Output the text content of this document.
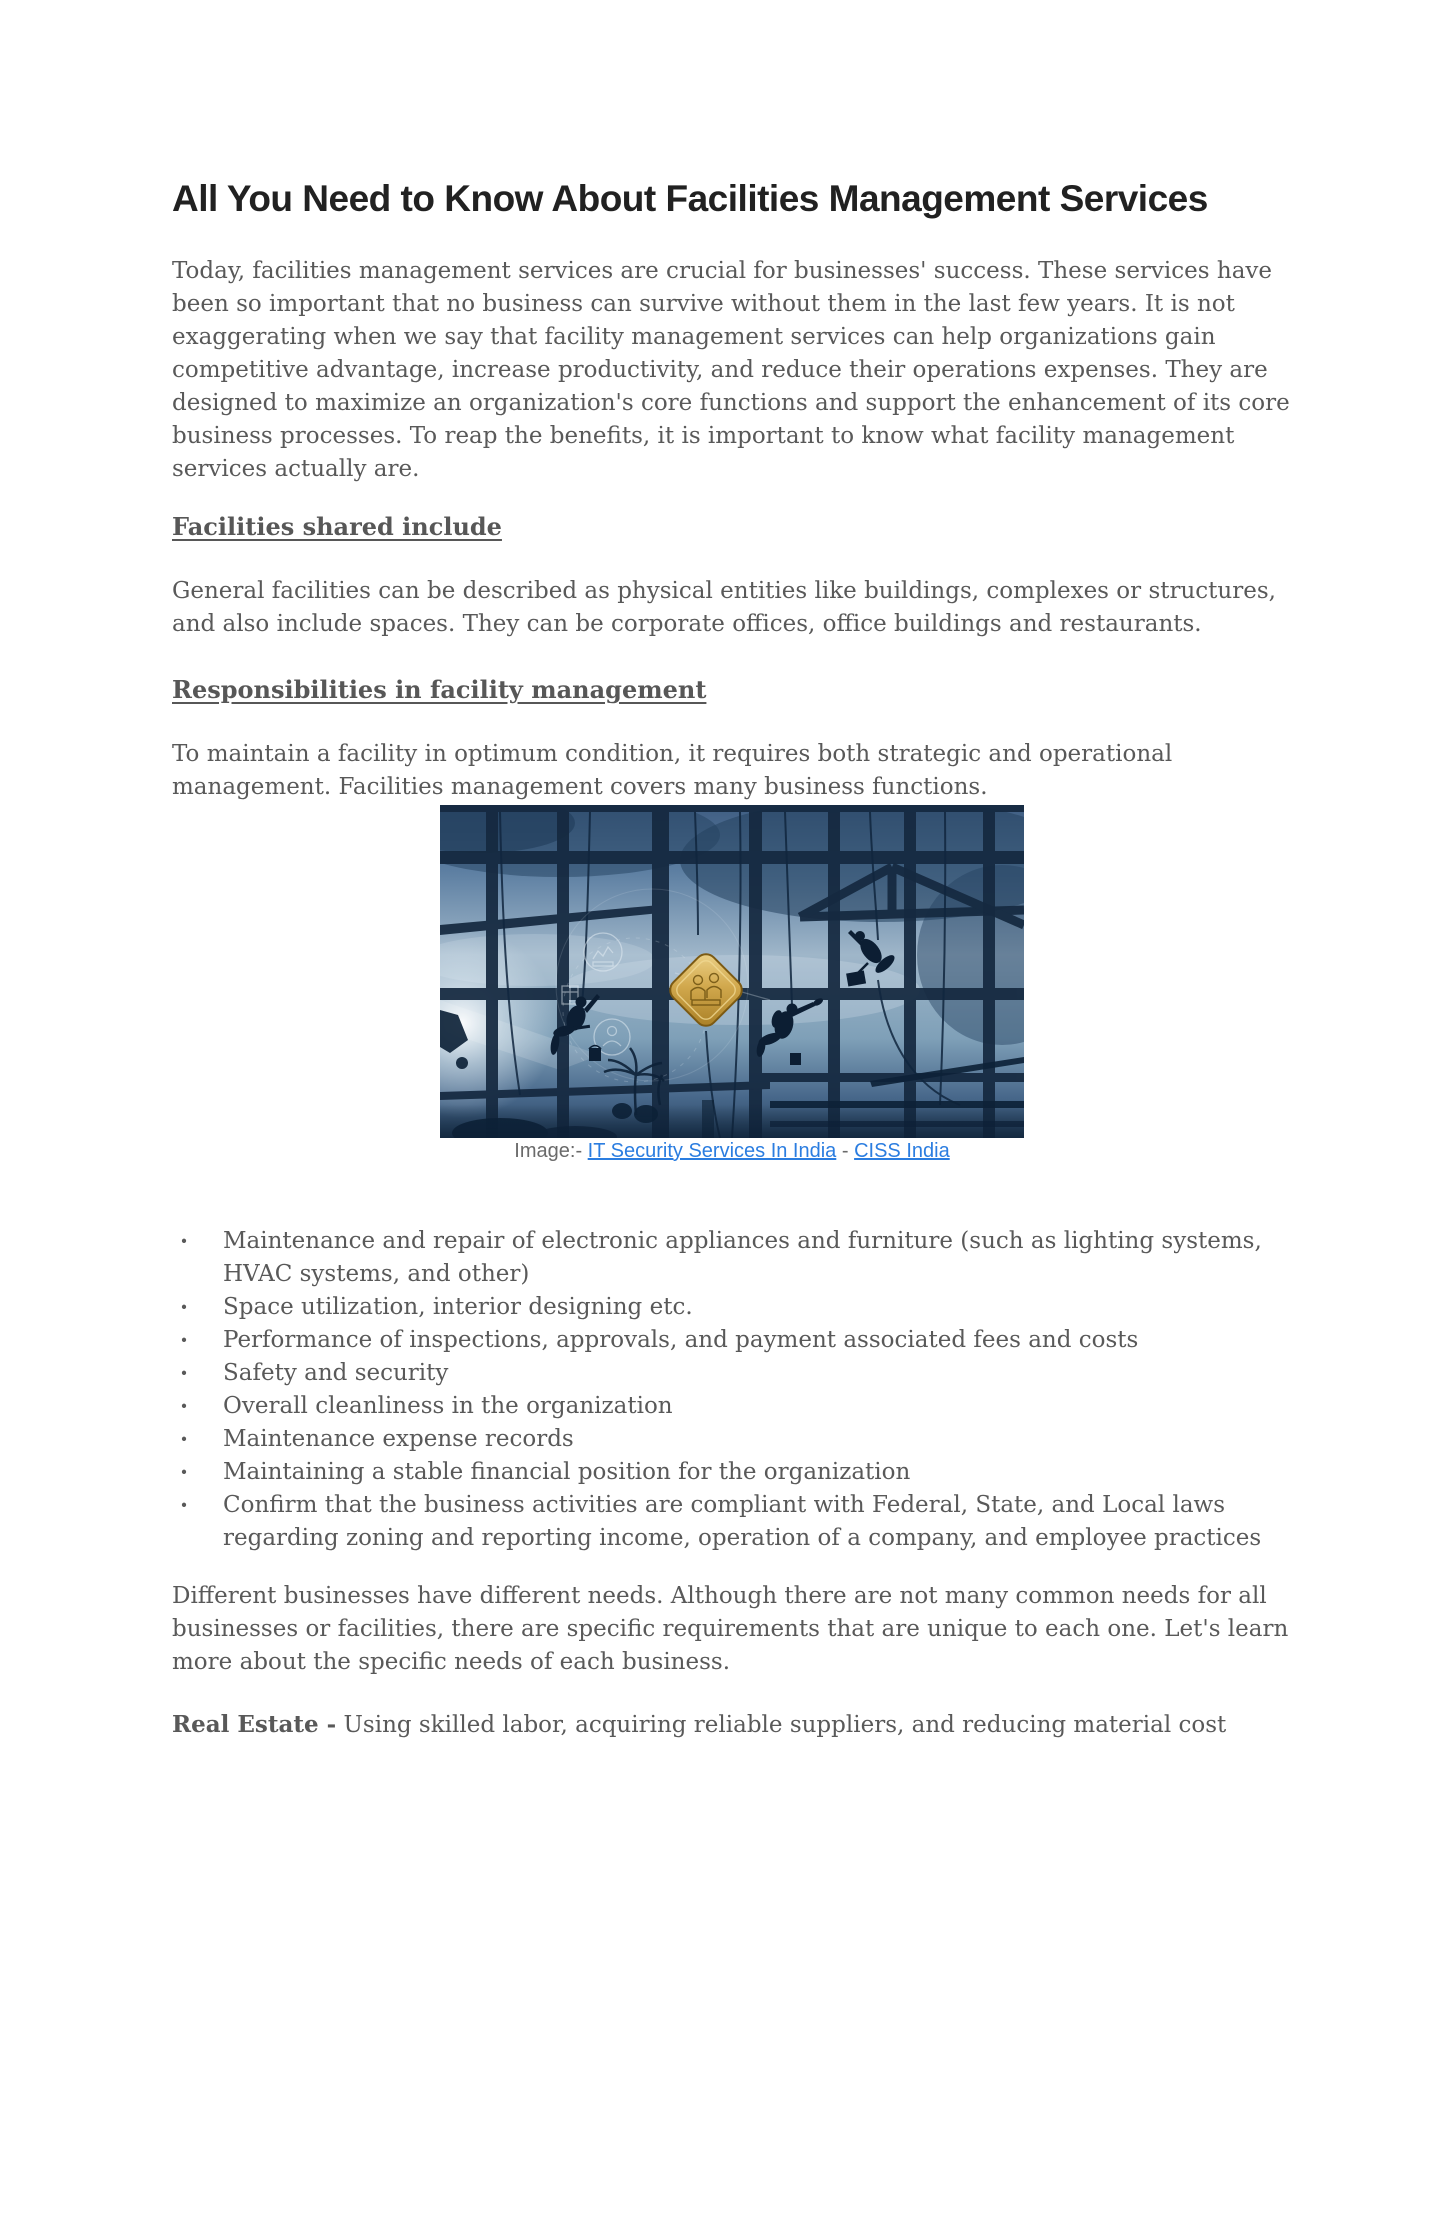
All You Need to Know About Facilities Management Services

Today, facilities management services are crucial for businesses' success. These services have been so important that no business can survive without them in the last few years. It is not exaggerating when we say that facility management services can help organizations gain competitive advantage, increase productivity, and reduce their operations expenses. They are designed to maximize an organization's core functions and support the enhancement of its core business processes. To reap the benefits, it is important to know what facility management services actually are.

Facilities shared include

General facilities can be described as physical entities like buildings, complexes or structures, and also include spaces. They can be corporate offices, office buildings and restaurants.

Responsibilities in facility management

To maintain a facility in optimum condition, it requires both strategic and operational management. Facilities management covers many business functions.

Image:- IT Security Services In India - CISS India
· Maintenance and repair of electronic appliances and furniture (such as lighting systems, HVAC systems, and other)
· Space utilization, interior designing etc.
· Performance of inspections, approvals, and payment associated fees and costs
· Safety and security
· Overall cleanliness in the organization
· Maintenance expense records
· Maintaining a stable financial position for the organization
· Confirm that the business activities are compliant with Federal, State, and Local laws regarding zoning and reporting income, operation of a company, and employee practices

Different businesses have different needs. Although there are not many common needs for all businesses or facilities, there are specific requirements that are unique to each one. Let's learn more about the specific needs of each business.

Real Estate - Using skilled labor, acquiring reliable suppliers, and reducing material cost
